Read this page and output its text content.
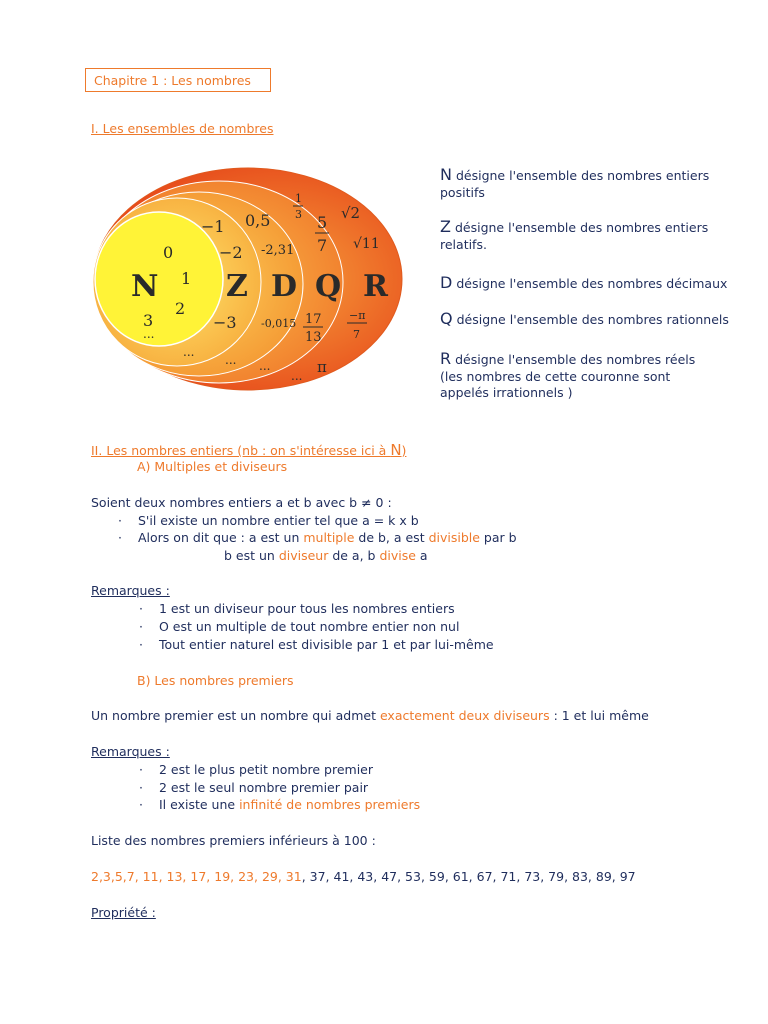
Chapitre 1 : Les nombres
I. Les ensembles de nombres
N
0
1
2
3
...
Z
−1
−2
−3
...
D
0,5
-2,31
-0,015
...
Q
1
3 5
7
17
13
...
R
√2
√11
−π
7
π
...
N désigne l'ensemble des nombres entiers positifs
Z désigne l'ensemble des nombres entiers relatifs.
D désigne l'ensemble des nombres décimaux
Q désigne l'ensemble des nombres rationnels
R désigne l'ensemble des nombres réels (les nombres de cette couronne sont appelés irrationnels )
II. Les nombres entiers (nb : on s'intéresse ici à N)
A) Multiples et diviseurs
Soient deux nombres entiers a et b avec b ≠ 0 :
· S'il existe un nombre entier tel que a = k x b
· Alors on dit que : a est un multiple de b, a est divisible par b
b est un diviseur de a, b divise a
Remarques :
· 1 est un diviseur pour tous les nombres entiers
· O est un multiple de tout nombre entier non nul
· Tout entier naturel est divisible par 1 et par lui-même
B) Les nombres premiers
Un nombre premier est un nombre qui admet exactement deux diviseurs : 1 et lui même
Remarques :
· 2 est le plus petit nombre premier
· 2 est le seul nombre premier pair
· Il existe une infinité de nombres premiers
Liste des nombres premiers inférieurs à 100 :
2,3,5,7, 11, 13, 17, 19, 23, 29, 31, 37, 41, 43, 47, 53, 59, 61, 67, 71, 73, 79, 83, 89, 97
Propriété :
